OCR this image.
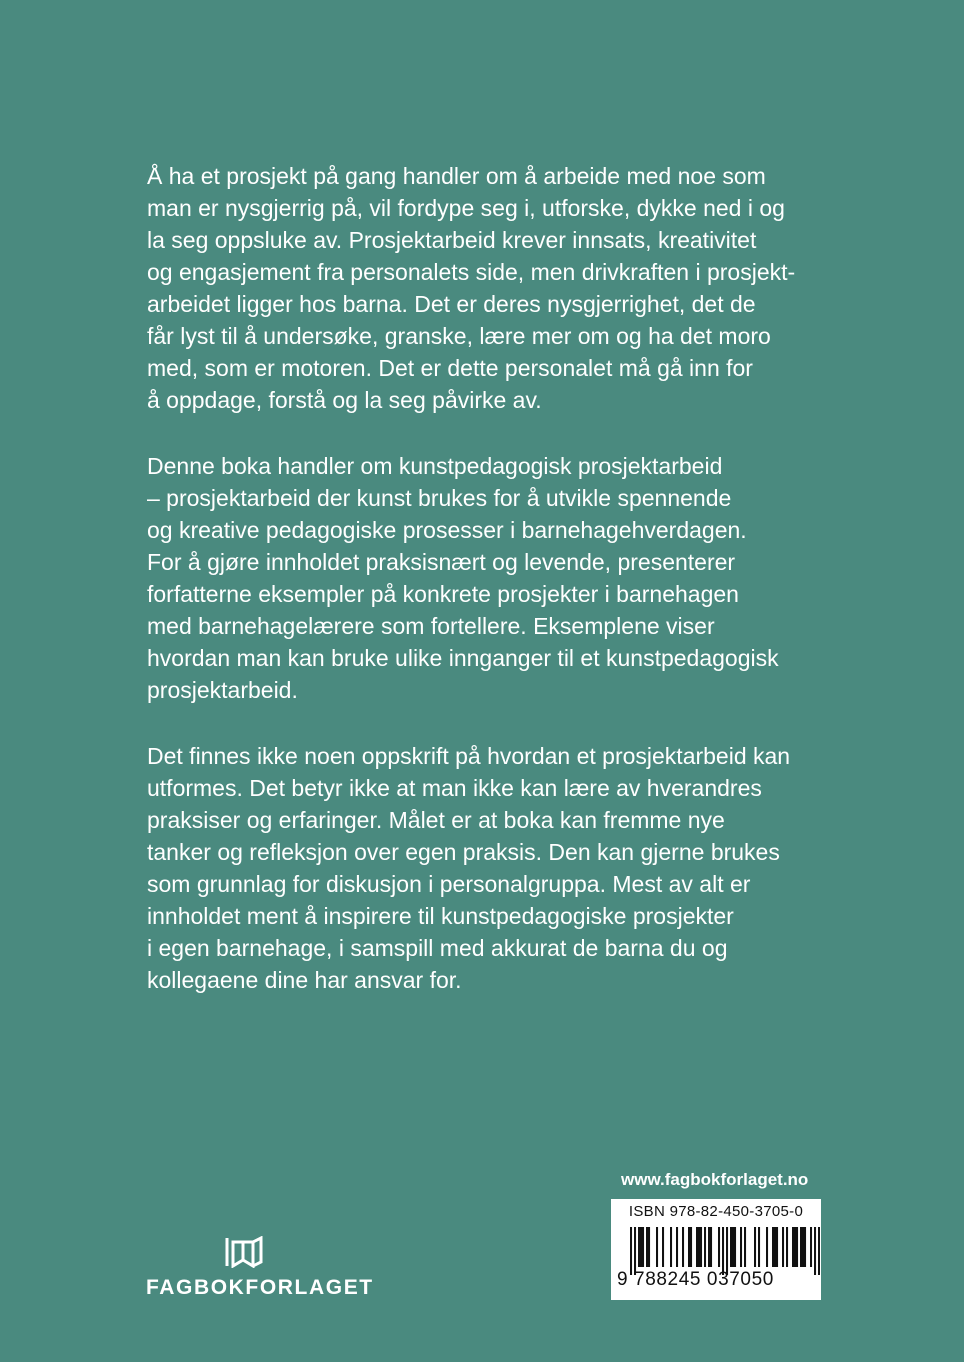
Å ha et prosjekt på gang handler om å arbeide med noe som
man er nysgjerrig på, vil fordype seg i, utforske, dykke ned i og
la seg oppsluke av. Prosjektarbeid krever innsats, kreativitet
og engasjement fra personalets side, men drivkraften i prosjekt-
arbeidet ligger hos barna. Det er deres nysgjerrighet, det de
får lyst til å undersøke, granske, lære mer om og ha det moro
med, som er motoren. Det er dette personalet må gå inn for
å oppdage, forstå og la seg påvirke av.
Denne boka handler om kunstpedagogisk prosjektarbeid
– prosjektarbeid der kunst brukes for å utvikle spennende
og kreative pedagogiske prosesser i barnehagehverdagen.
For å gjøre innholdet praksisnært og levende, presenterer
forfatterne eksempler på konkrete prosjekter i barnehagen
med barnehagelærere som fortellere. Eksemplene viser
hvordan man kan bruke ulike innganger til et kunstpedagogisk
prosjektarbeid.
Det finnes ikke noen oppskrift på hvordan et prosjektarbeid kan
utformes. Det betyr ikke at man ikke kan lære av hverandres
praksiser og erfaringer. Målet er at boka kan fremme nye
tanker og refleksjon over egen praksis. Den kan gjerne brukes
som grunnlag for diskusjon i personalgruppa. Mest av alt er
innholdet ment å inspirere til kunstpedagogiske prosjekter
i egen barnehage, i samspill med akkurat de barna du og
kollegaene dine har ansvar for.
FAGBOKFORLAGET
www.fagbokforlaget.no
ISBN 978-82-450-3705-0
9 788245 037050
